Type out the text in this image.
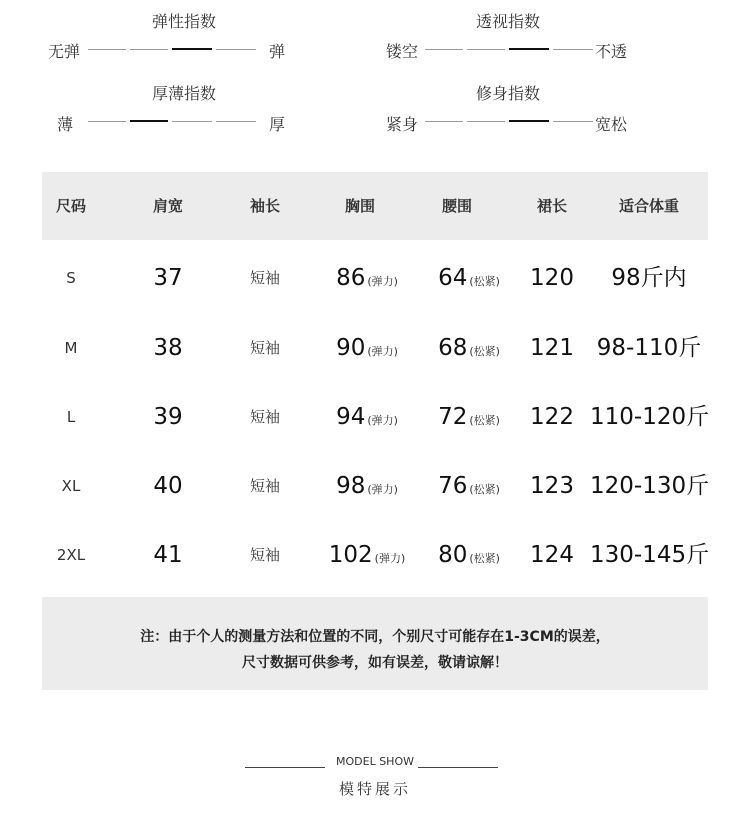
弹性指数
无弹	弹
透视指数
镂空	不透
厚薄指数
薄	厚
修身指数
紧身	宽松
尺码	肩宽	袖长	胸围	腰围	裙长	适合体重
S	37	短袖	86 (弹力)	64 (松紧)	120	98斤内
M	38	短袖	90 (弹力)	68 (松紧)	121 98-110斤
L	39	短袖	94 (弹力)	72 (松紧)	122 110-120斤
XL	40	短袖	98 (弹力)	76 (松紧)	123 120-130斤
2XL	41	短袖	102 (弹力)	80 (松紧)	124 130-145斤
注：由于个人的测量方法和位置的不同，个别尺寸可能存在1-3CM的误差，
尺寸数据可供参考，如有误差，敬请谅解！
MODEL SHOW
模特展示
